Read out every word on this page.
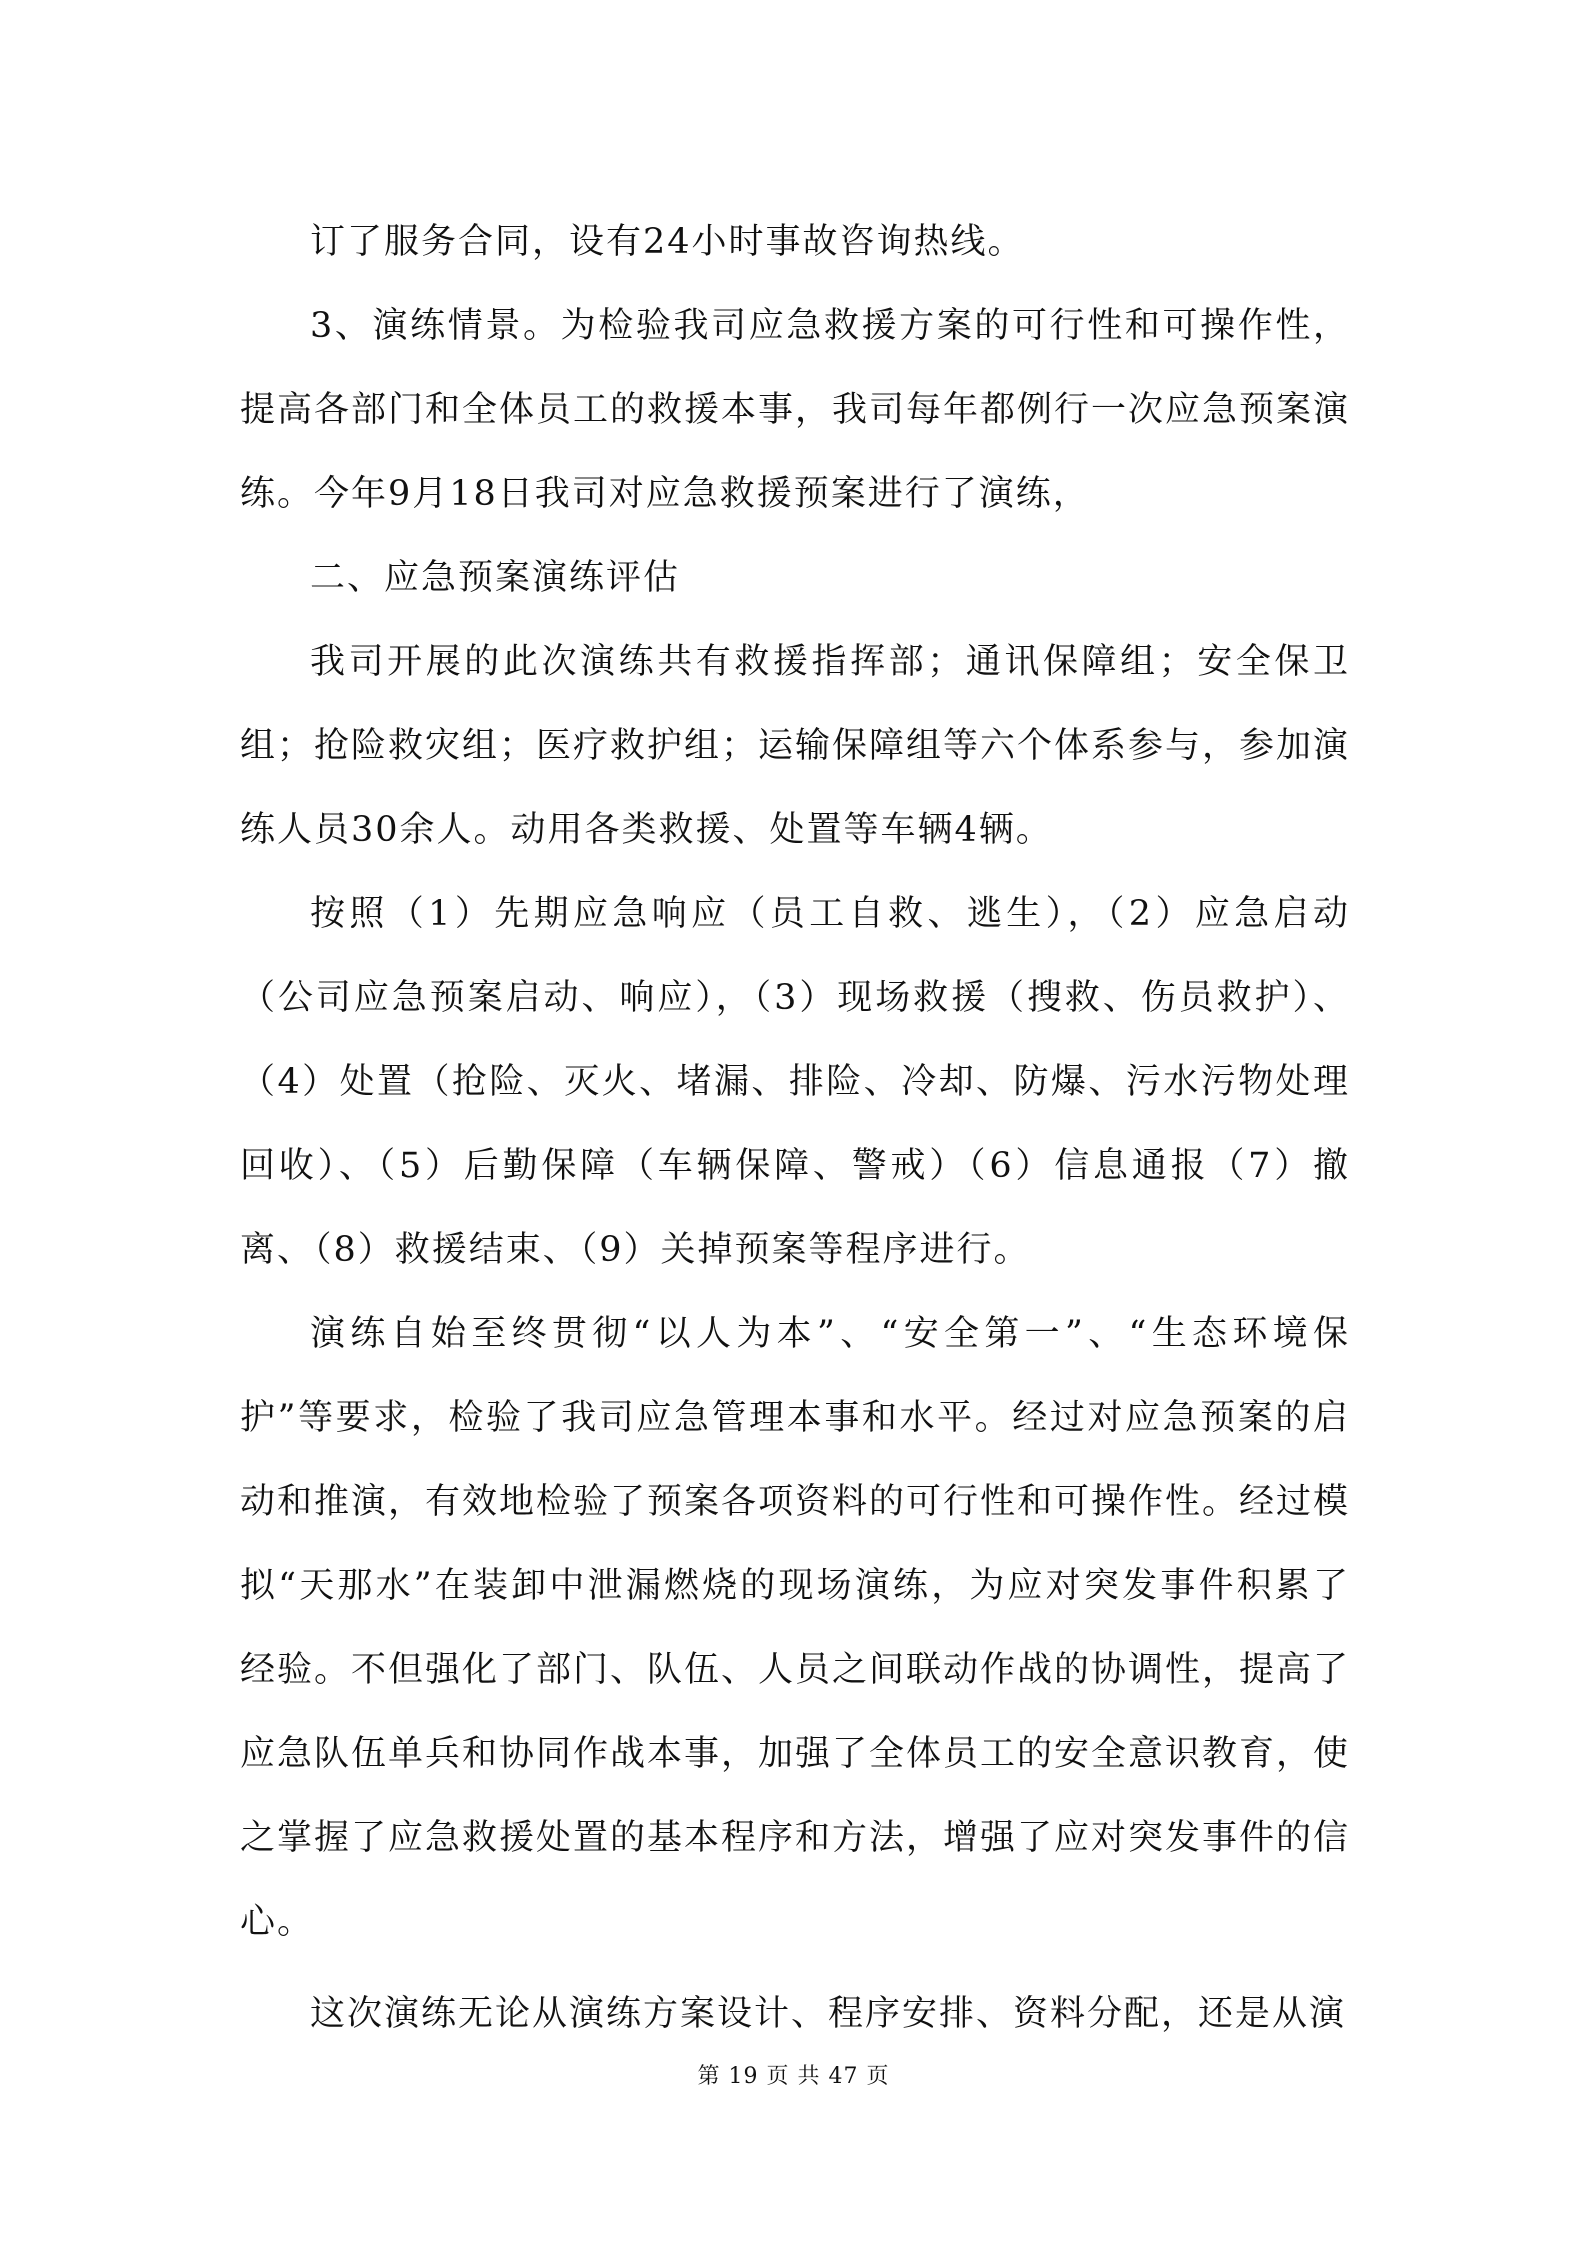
订了服务合同，设有24小时事故咨询热线。

3、演练情景。为检验我司应急救援方案的可行性和可操作性，提高各部门和全体员工的救援本事，我司每年都例行一次应急预案演练。今年9月18日我司对应急救援预案进行了演练，

二、应急预案演练评估

我司开展的此次演练共有救援指挥部；通讯保障组；安全保卫组；抢险救灾组；医疗救护组；运输保障组等六个体系参与，参加演练人员30余人。动用各类救援、处置等车辆4辆。

按照（1）先期应急响应（员工自救、逃生），（2）应急启动（公司应急预案启动、响应），（3）现场救援（搜救、伤员救护）、（4）处置（抢险、灭火、堵漏、排险、冷却、防爆、污水污物处理回收）、（5）后勤保障（车辆保障、警戒）（6）信息通报（7）撤离、（8）救援结束、（9）关掉预案等程序进行。

演练自始至终贯彻“以人为本”、“安全第一”、“生态环境保护”等要求，检验了我司应急管理本事和水平。经过对应急预案的启动和推演，有效地检验了预案各项资料的可行性和可操作性。经过模拟“天那水”在装卸中泄漏燃烧的现场演练，为应对突发事件积累了经验。不但强化了部门、队伍、人员之间联动作战的协调性，提高了应急队伍单兵和协同作战本事，加强了全体员工的安全意识教育，使之掌握了应急救援处置的基本程序和方法，增强了应对突发事件的信心。

这次演练无论从演练方案设计、程序安排、资料分配，还是从演

第 19 页 共 47 页
